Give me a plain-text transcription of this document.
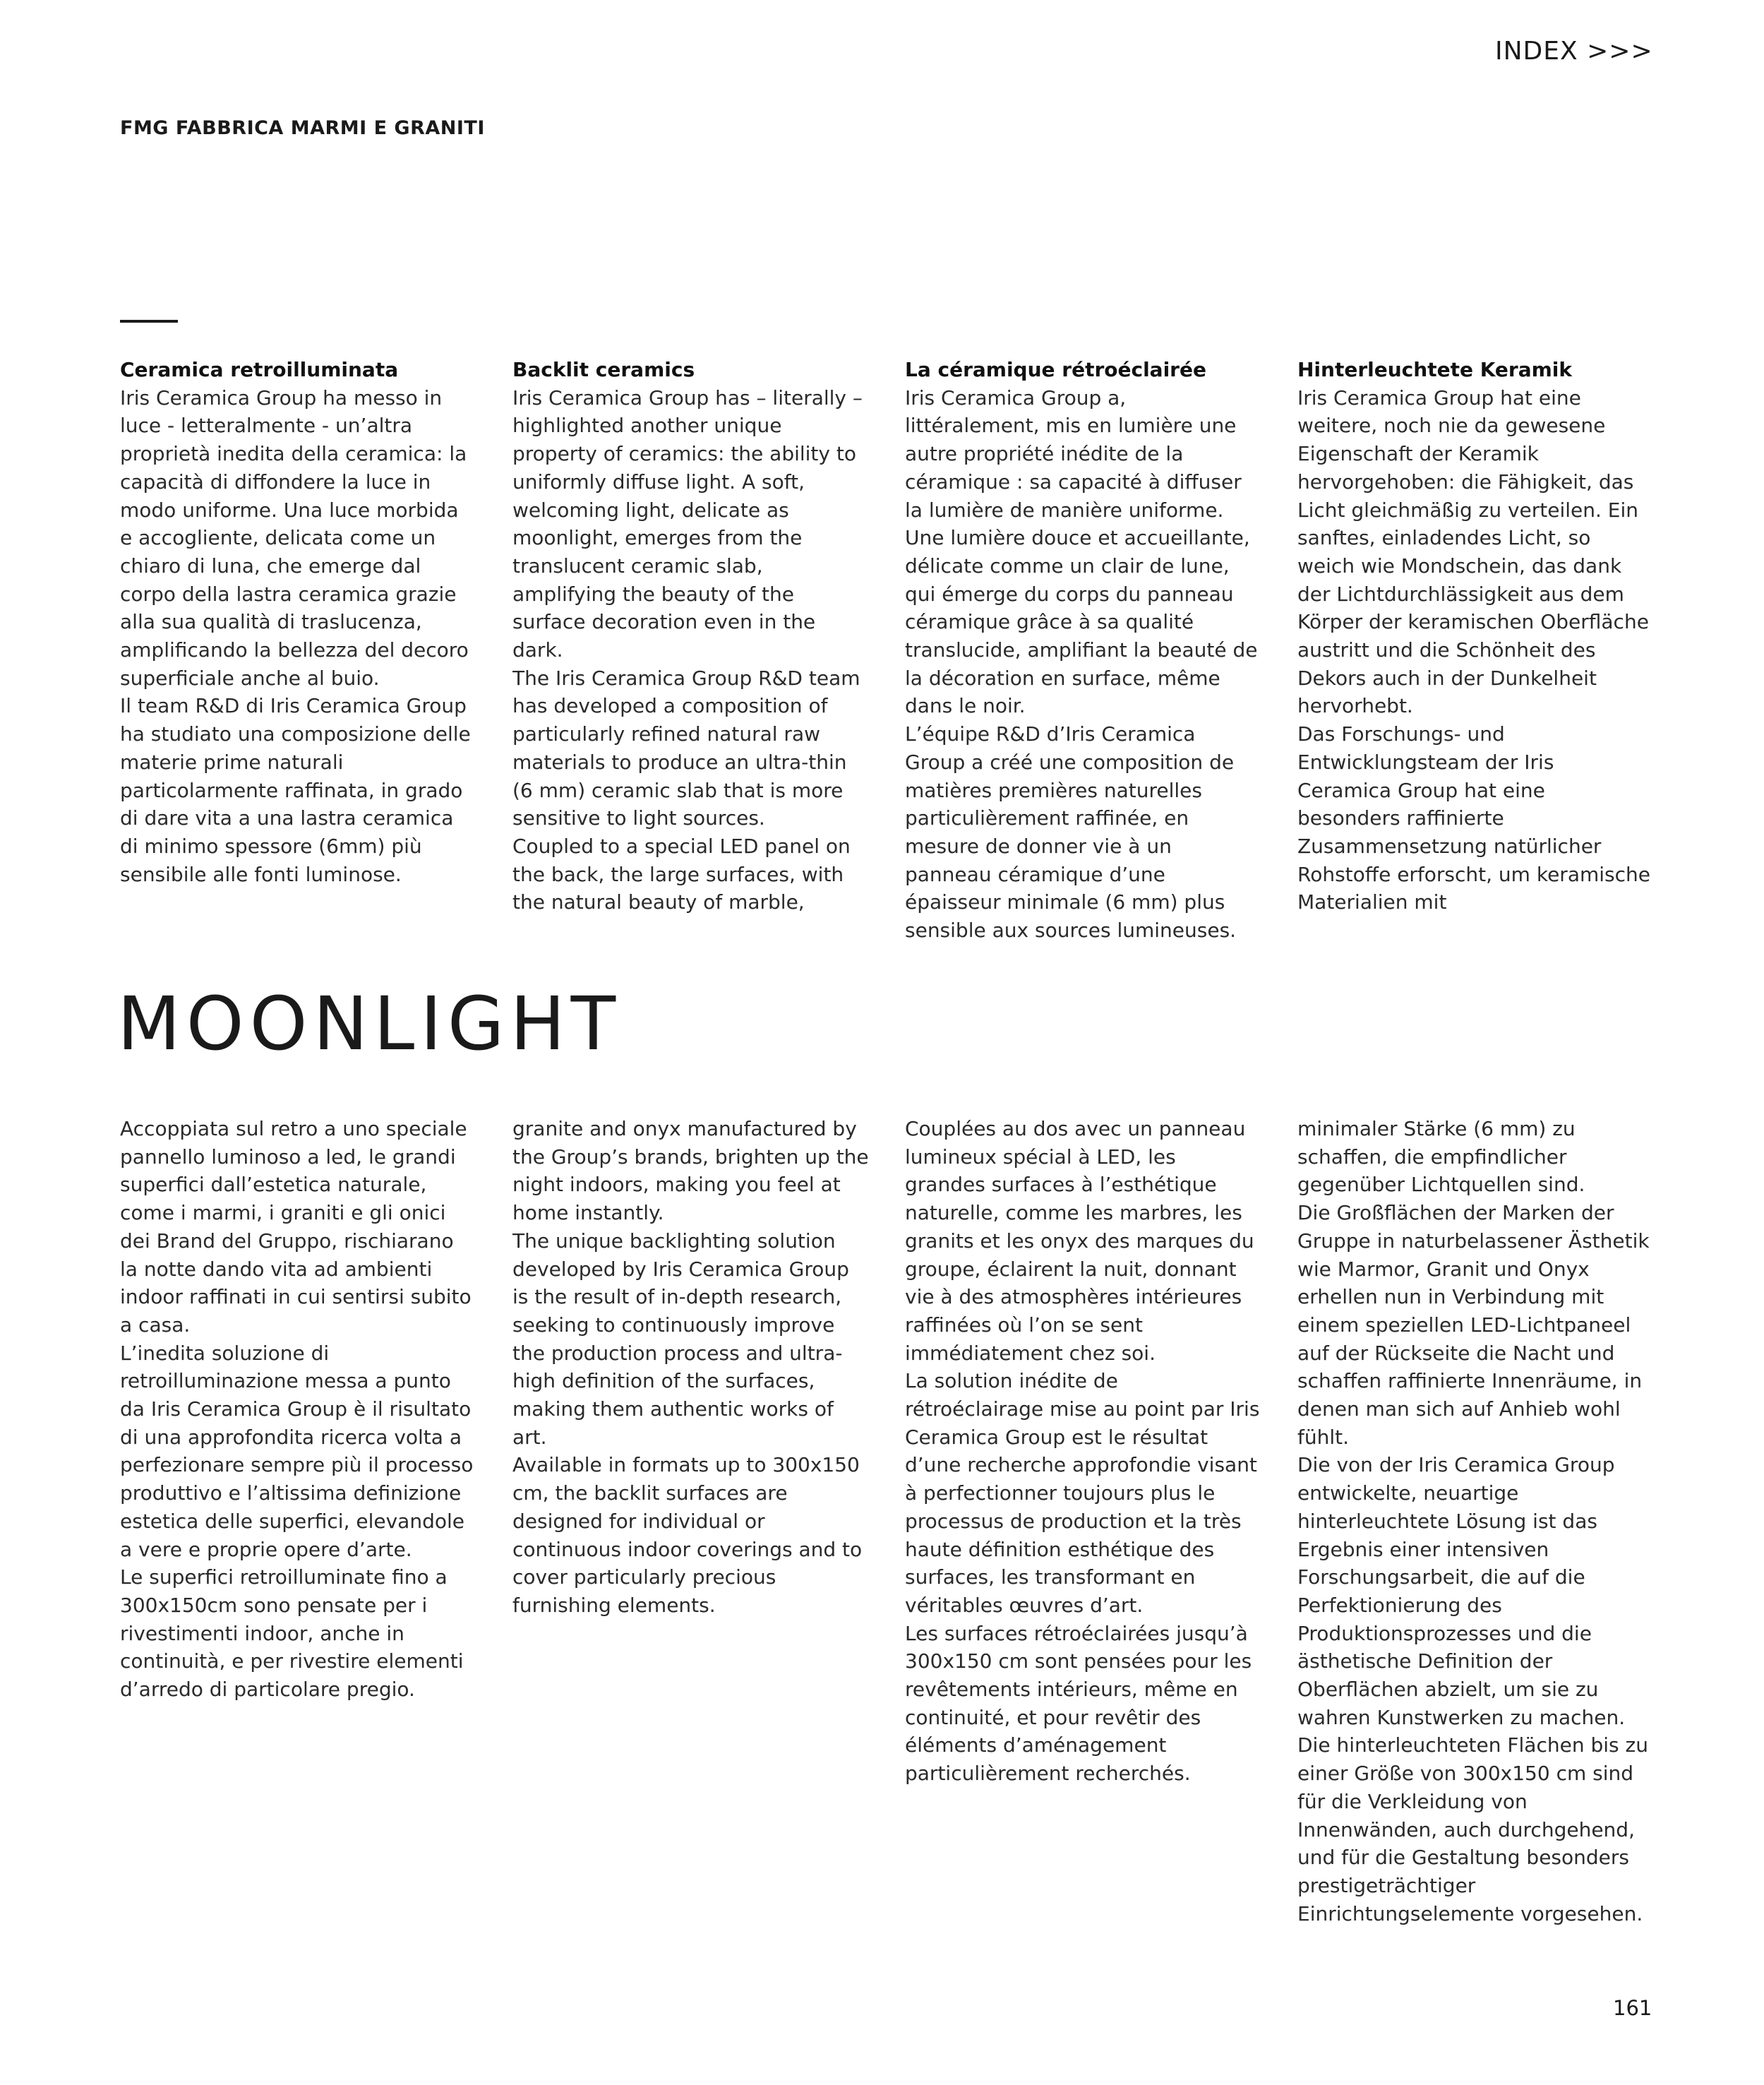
INDEX >>>
FMG FABBRICA MARMI E GRANITI

Ceramica retroilluminata

Iris Ceramica Group ha messo in luce - letteralmente - un’altra proprietà inedita della ceramica: la capacità di diffondere la luce in modo uniforme. Una luce morbida e accogliente, delicata come un chiaro di luna, che emerge dal corpo della lastra ceramica grazie alla sua qualità di traslucenza, amplificando la bellezza del decoro superficiale anche al buio.

Il team R&D di Iris Ceramica Group ha studiato una composizione delle materie prime naturali particolarmente raffinata, in grado di dare vita a una lastra ceramica di minimo spessore (6mm) più sensibile alle fonti luminose.

Backlit ceramics

Iris Ceramica Group has – literally – highlighted another unique property of ceramics: the ability to uniformly diffuse light. A soft, welcoming light, delicate as moonlight, emerges from the translucent ceramic slab, amplifying the beauty of the surface decoration even in the dark.

The Iris Ceramica Group R&D team has developed a composition of particularly refined natural raw materials to produce an ultra-thin (6 mm) ceramic slab that is more sensitive to light sources.

Coupled to a special LED panel on the back, the large surfaces, with the natural beauty of marble,

La céramique rétroéclairée

Iris Ceramica Group a, littéralement, mis en lumière une autre propriété inédite de la céramique : sa capacité à diffuser la lumière de manière uniforme. Une lumière douce et accueillante, délicate comme un clair de lune, qui émerge du corps du panneau céramique grâce à sa qualité translucide, amplifiant la beauté de la décoration en surface, même dans le noir.

L’équipe R&D d’Iris Ceramica Group a créé une composition de matières premières naturelles particulièrement raffinée, en mesure de donner vie à un panneau céramique d’une épaisseur minimale (6 mm) plus sensible aux sources lumineuses.

Hinterleuchtete Keramik

Iris Ceramica Group hat eine weitere, noch nie da gewesene Eigenschaft der Keramik hervorgehoben: die Fähigkeit, das Licht gleichmäßig zu verteilen. Ein sanftes, einladendes Licht, so weich wie Mondschein, das dank der Lichtdurchlässigkeit aus dem Körper der keramischen Oberfläche austritt und die Schönheit des Dekors auch in der Dunkelheit hervorhebt.

Das Forschungs- und Entwicklungsteam der Iris Ceramica Group hat eine besonders raffinierte Zusammensetzung natürlicher Rohstoffe erforscht, um keramische Materialien mit

MOONLIGHT

Accoppiata sul retro a uno speciale pannello luminoso a led, le grandi superfici dall’estetica naturale, come i marmi, i graniti e gli onici dei Brand del Gruppo, rischiarano la notte dando vita ad ambienti indoor raffinati in cui sentirsi subito a casa.

L’inedita soluzione di retroilluminazione messa a punto da Iris Ceramica Group è il risultato di una approfondita ricerca volta a perfezionare sempre più il processo produttivo e l’altissima definizione estetica delle superfici, elevandole a vere e proprie opere d’arte.

Le superfici retroilluminate fino a 300x150cm sono pensate per i rivestimenti indoor, anche in continuità, e per rivestire elementi d’arredo di particolare pregio.

granite and onyx manufactured by the Group’s brands, brighten up the night indoors, making you feel at home instantly.

The unique backlighting solution developed by Iris Ceramica Group is the result of in-depth research, seeking to continuously improve the production process and ultra-high definition of the surfaces, making them authentic works of art.

Available in formats up to 300x150 cm, the backlit surfaces are designed for individual or continuous indoor coverings and to cover particularly precious furnishing elements.

Couplées au dos avec un panneau lumineux spécial à LED, les grandes surfaces à l’esthétique naturelle, comme les marbres, les granits et les onyx des marques du groupe, éclairent la nuit, donnant vie à des atmosphères intérieures raffinées où l’on se sent immédiatement chez soi.

La solution inédite de rétroéclairage mise au point par Iris Ceramica Group est le résultat d’une recherche approfondie visant à perfectionner toujours plus le processus de production et la très haute définition esthétique des surfaces, les transformant en véritables œuvres d’art.

Les surfaces rétroéclairées jusqu’à 300x150 cm sont pensées pour les revêtements intérieurs, même en continuité, et pour revêtir des éléments d’aménagement particulièrement recherchés.

minimaler Stärke (6 mm) zu schaffen, die empfindlicher gegenüber Lichtquellen sind.

Die Großflächen der Marken der Gruppe in naturbelassener Ästhetik wie Marmor, Granit und Onyx erhellen nun in Verbindung mit einem speziellen LED-Lichtpaneel auf der Rückseite die Nacht und schaffen raffinierte Innenräume, in denen man sich auf Anhieb wohl fühlt.

Die von der Iris Ceramica Group entwickelte, neuartige hinterleuchtete Lösung ist das Ergebnis einer intensiven Forschungsarbeit, die auf die Perfektionierung des Produktionsprozesses und die ästhetische Definition der Oberflächen abzielt, um sie zu wahren Kunstwerken zu machen.

Die hinterleuchteten Flächen bis zu einer Größe von 300x150 cm sind für die Verkleidung von Innenwänden, auch durchgehend, und für die Gestaltung besonders prestigeträchtiger Einrichtungselemente vorgesehen.

161
